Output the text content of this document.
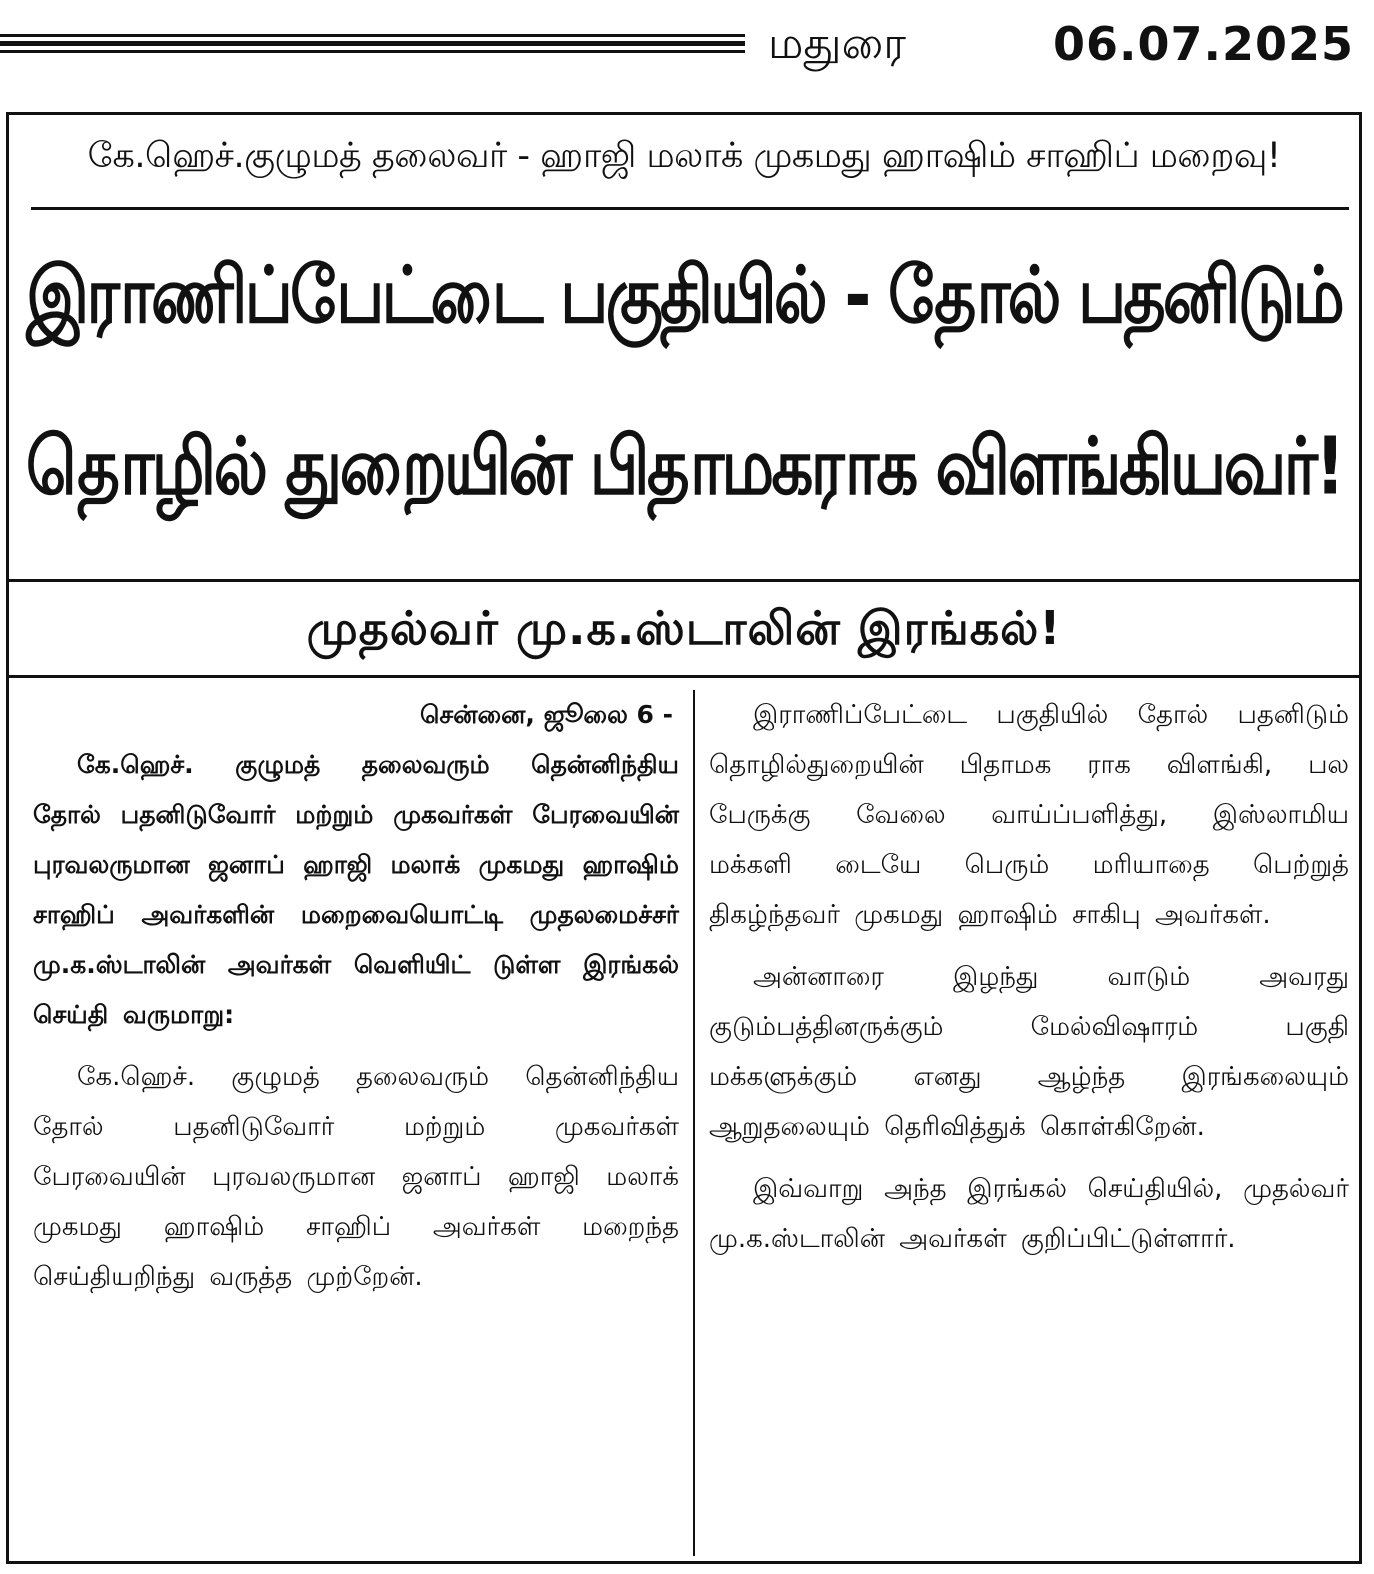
மதுரை	06.07.2025
கே.ஹெச்.குழுமத் தலைவர் - ஹாஜி மலாக் முகமது ஹாஷிம் சாஹிப் மறைவு!
இராணிப்பேட்டை பகுதியில் - தோல் பதனிடும்
தொழில் துறையின் பிதாமகராக விளங்கியவர்!
முதல்வர் மு.க.ஸ்டாலின் இரங்கல்!
சென்னை, ஜூலை 6 -

கே.ஹெச். குழுமத் தலைவரும் தென்னிந்திய தோல் பதனிடுவோர் மற்றும் முகவர்கள் பேரவையின் புரவலருமான ஜனாப் ஹாஜி மலாக் முகமது ஹாஷிம் சாஹிப் அவர்களின் மறைவையொட்டி முதலமைச்சர் மு.க.ஸ்டாலின் அவர்கள் வெளியிட் டுள்ள இரங்கல் செய்தி வருமாறு:

கே.ஹெச். குழுமத் தலைவரும் தென்னிந்திய தோல் பதனிடுவோர் மற்றும் முகவர்கள் பேரவையின் புரவலருமான ஜனாப் ஹாஜி மலாக் முகமது ஹாஷிம் சாஹிப் அவர்கள் மறைந்த செய்தியறிந்து வருத்த முற்றேன்.

இராணிப்பேட்டை பகுதியில் தோல் பதனிடும் தொழில்துறையின் பிதாமக ராக விளங்கி, பல பேருக்கு வேலை வாய்ப்பளித்து, இஸ்லாமிய மக்களி டையே பெரும் மரியாதை பெற்றுத் திகழ்ந்தவர் முகமது ஹாஷிம் சாகிபு அவர்கள்.

அன்னாரை இழந்து வாடும் அவரது குடும்பத்தினருக்கும் மேல்விஷாரம் பகுதி மக்களுக்கும் எனது ஆழ்ந்த இரங்கலையும் ஆறுதலையும் தெரிவித்துக் கொள்கிறேன்.

இவ்வாறு அந்த இரங்கல் செய்தியில், முதல்வர் மு.க.ஸ்டாலின் அவர்கள் குறிப்பிட்டுள்ளார்.
